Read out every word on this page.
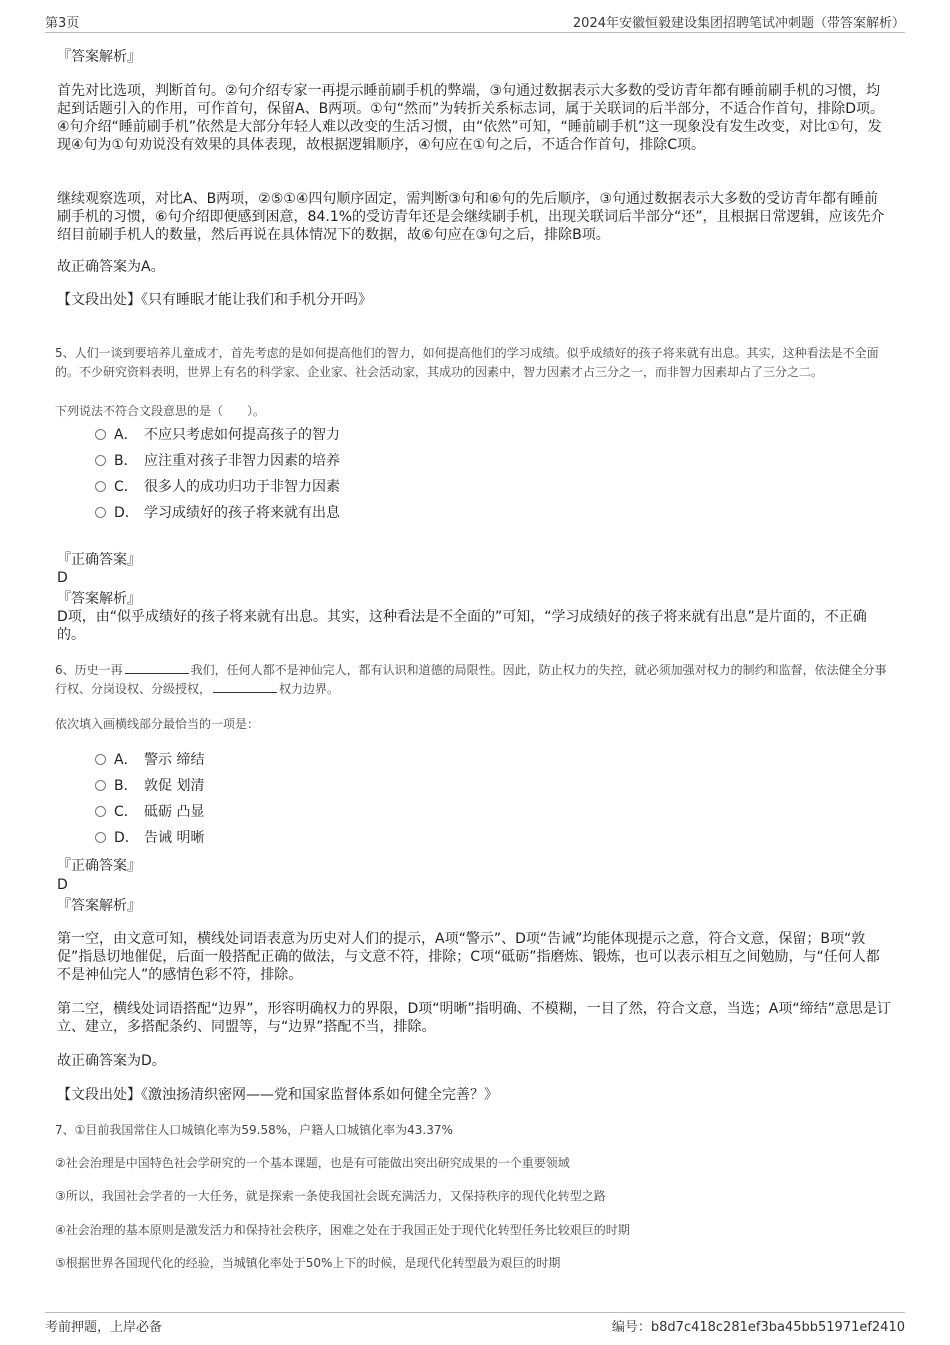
第3页	2024年安徽恒毅建设集团招聘笔试冲刺题（带答案解析）

『答案解析』

首先对比选项，判断首句。②句介绍专家一再提示睡前刷手机的弊端，③句通过数据表示大多数的受访青年都有睡前刷手机的习惯，均起到话题引入的作用，可作首句，保留A、B两项。①句“然而”为转折关系标志词，属于关联词的后半部分，不适合作首句，排除D项。④句介绍“睡前刷手机”依然是大部分年轻人难以改变的生活习惯，由“依然”可知，“睡前刷手机”这一现象没有发生改变，对比①句，发现④句为①句劝说没有效果的具体表现，故根据逻辑顺序，④句应在①句之后，不适合作首句，排除C项。

继续观察选项，对比A、B两项，②⑤①④四句顺序固定，需判断③句和⑥句的先后顺序，③句通过数据表示大多数的受访青年都有睡前刷手机的习惯，⑥句介绍即便感到困意，84.1%的受访青年还是会继续刷手机，出现关联词后半部分“还”，且根据日常逻辑，应该先介绍目前刷手机人的数量，然后再说在具体情况下的数据，故⑥句应在③句之后，排除B项。

故正确答案为A。

【文段出处】《只有睡眠才能让我们和手机分开吗》

5、人们一谈到要培养儿童成才，首先考虑的是如何提高他们的智力，如何提高他们的学习成绩。似乎成绩好的孩子将来就有出息。其实，这种看法是不全面的。不少研究资料表明，世界上有名的科学家、企业家、社会活动家，其成功的因素中，智力因素才占三分之一，而非智力因素却占了三分之二。

下列说法不符合文段意思的是（　　）。

A． 不应只考虑如何提高孩子的智力
B． 应注重对孩子非智力因素的培养
C． 很多人的成功归功于非智力因素
D． 学习成绩好的孩子将来就有出息

『正确答案』

D

『答案解析』

D项，由“似乎成绩好的孩子将来就有出息。其实，这种看法是不全面的”可知，“学习成绩好的孩子将来就有出息”是片面的，不正确的。

6、历史一再	我们，任何人都不是神仙完人，都有认识和道德的局限性。因此，防止权力的失控，就必须加强对权力的制约和监督，依法健全分事行权、分岗设权、分级授权，	权力边界。

依次填入画横线部分最恰当的一项是：

A． 警示 缔结
B． 敦促 划清
C． 砥砺 凸显
D． 告诫 明晰

『正确答案』

D

『答案解析』

第一空，由文意可知，横线处词语表意为历史对人们的提示，A项“警示”、D项“告诫”均能体现提示之意，符合文意，保留；B项“敦促”指恳切地催促，后面一般搭配正确的做法，与文意不符，排除；C项“砥砺”指磨炼、锻炼，也可以表示相互之间勉励，与“任何人都不是神仙完人”的感情色彩不符，排除。

第二空，横线处词语搭配“边界”，形容明确权力的界限，D项“明晰”指明确、不模糊，一目了然，符合文意，当选；A项“缔结”意思是订立、建立，多搭配条约、同盟等，与“边界”搭配不当，排除。

故正确答案为D。

【文段出处】《激浊扬清织密网——党和国家监督体系如何健全完善？》

7、①目前我国常住人口城镇化率为59.58%，户籍人口城镇化率为43.37%

②社会治理是中国特色社会学研究的一个基本课题，也是有可能做出突出研究成果的一个重要领域

③所以，我国社会学者的一大任务，就是探索一条使我国社会既充满活力，又保持秩序的现代化转型之路

④社会治理的基本原则是激发活力和保持社会秩序，困难之处在于我国正处于现代化转型任务比较艰巨的时期

⑤根据世界各国现代化的经验，当城镇化率处于50%上下的时候，是现代化转型最为艰巨的时期

考前押题，上岸必备	编号：b8d7c418c281ef3ba45bb51971ef2410
